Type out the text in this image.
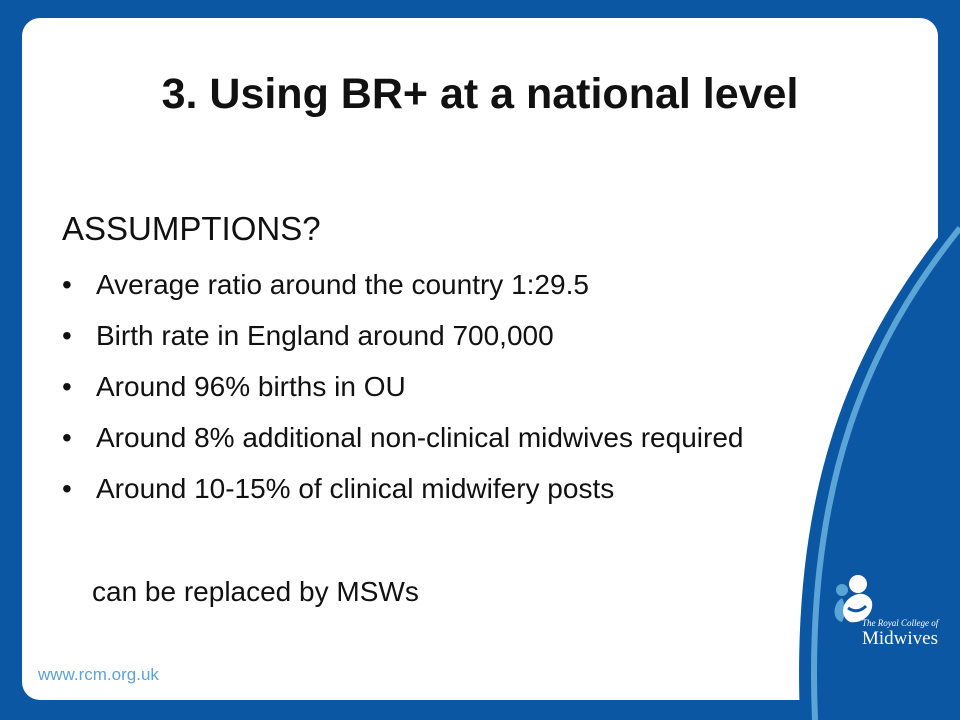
3. Using BR+ at a national level

ASSUMPTIONS?

• Average ratio around the country 1:29.5
• Birth rate in England around 700,000
• Around 96% births in OU
• Around 8% additional non-clinical midwives required
• Around 10-15% of clinical midwifery posts
can be replaced by MSWs
www.rcm.org.uk
The Royal College of
Midwives
